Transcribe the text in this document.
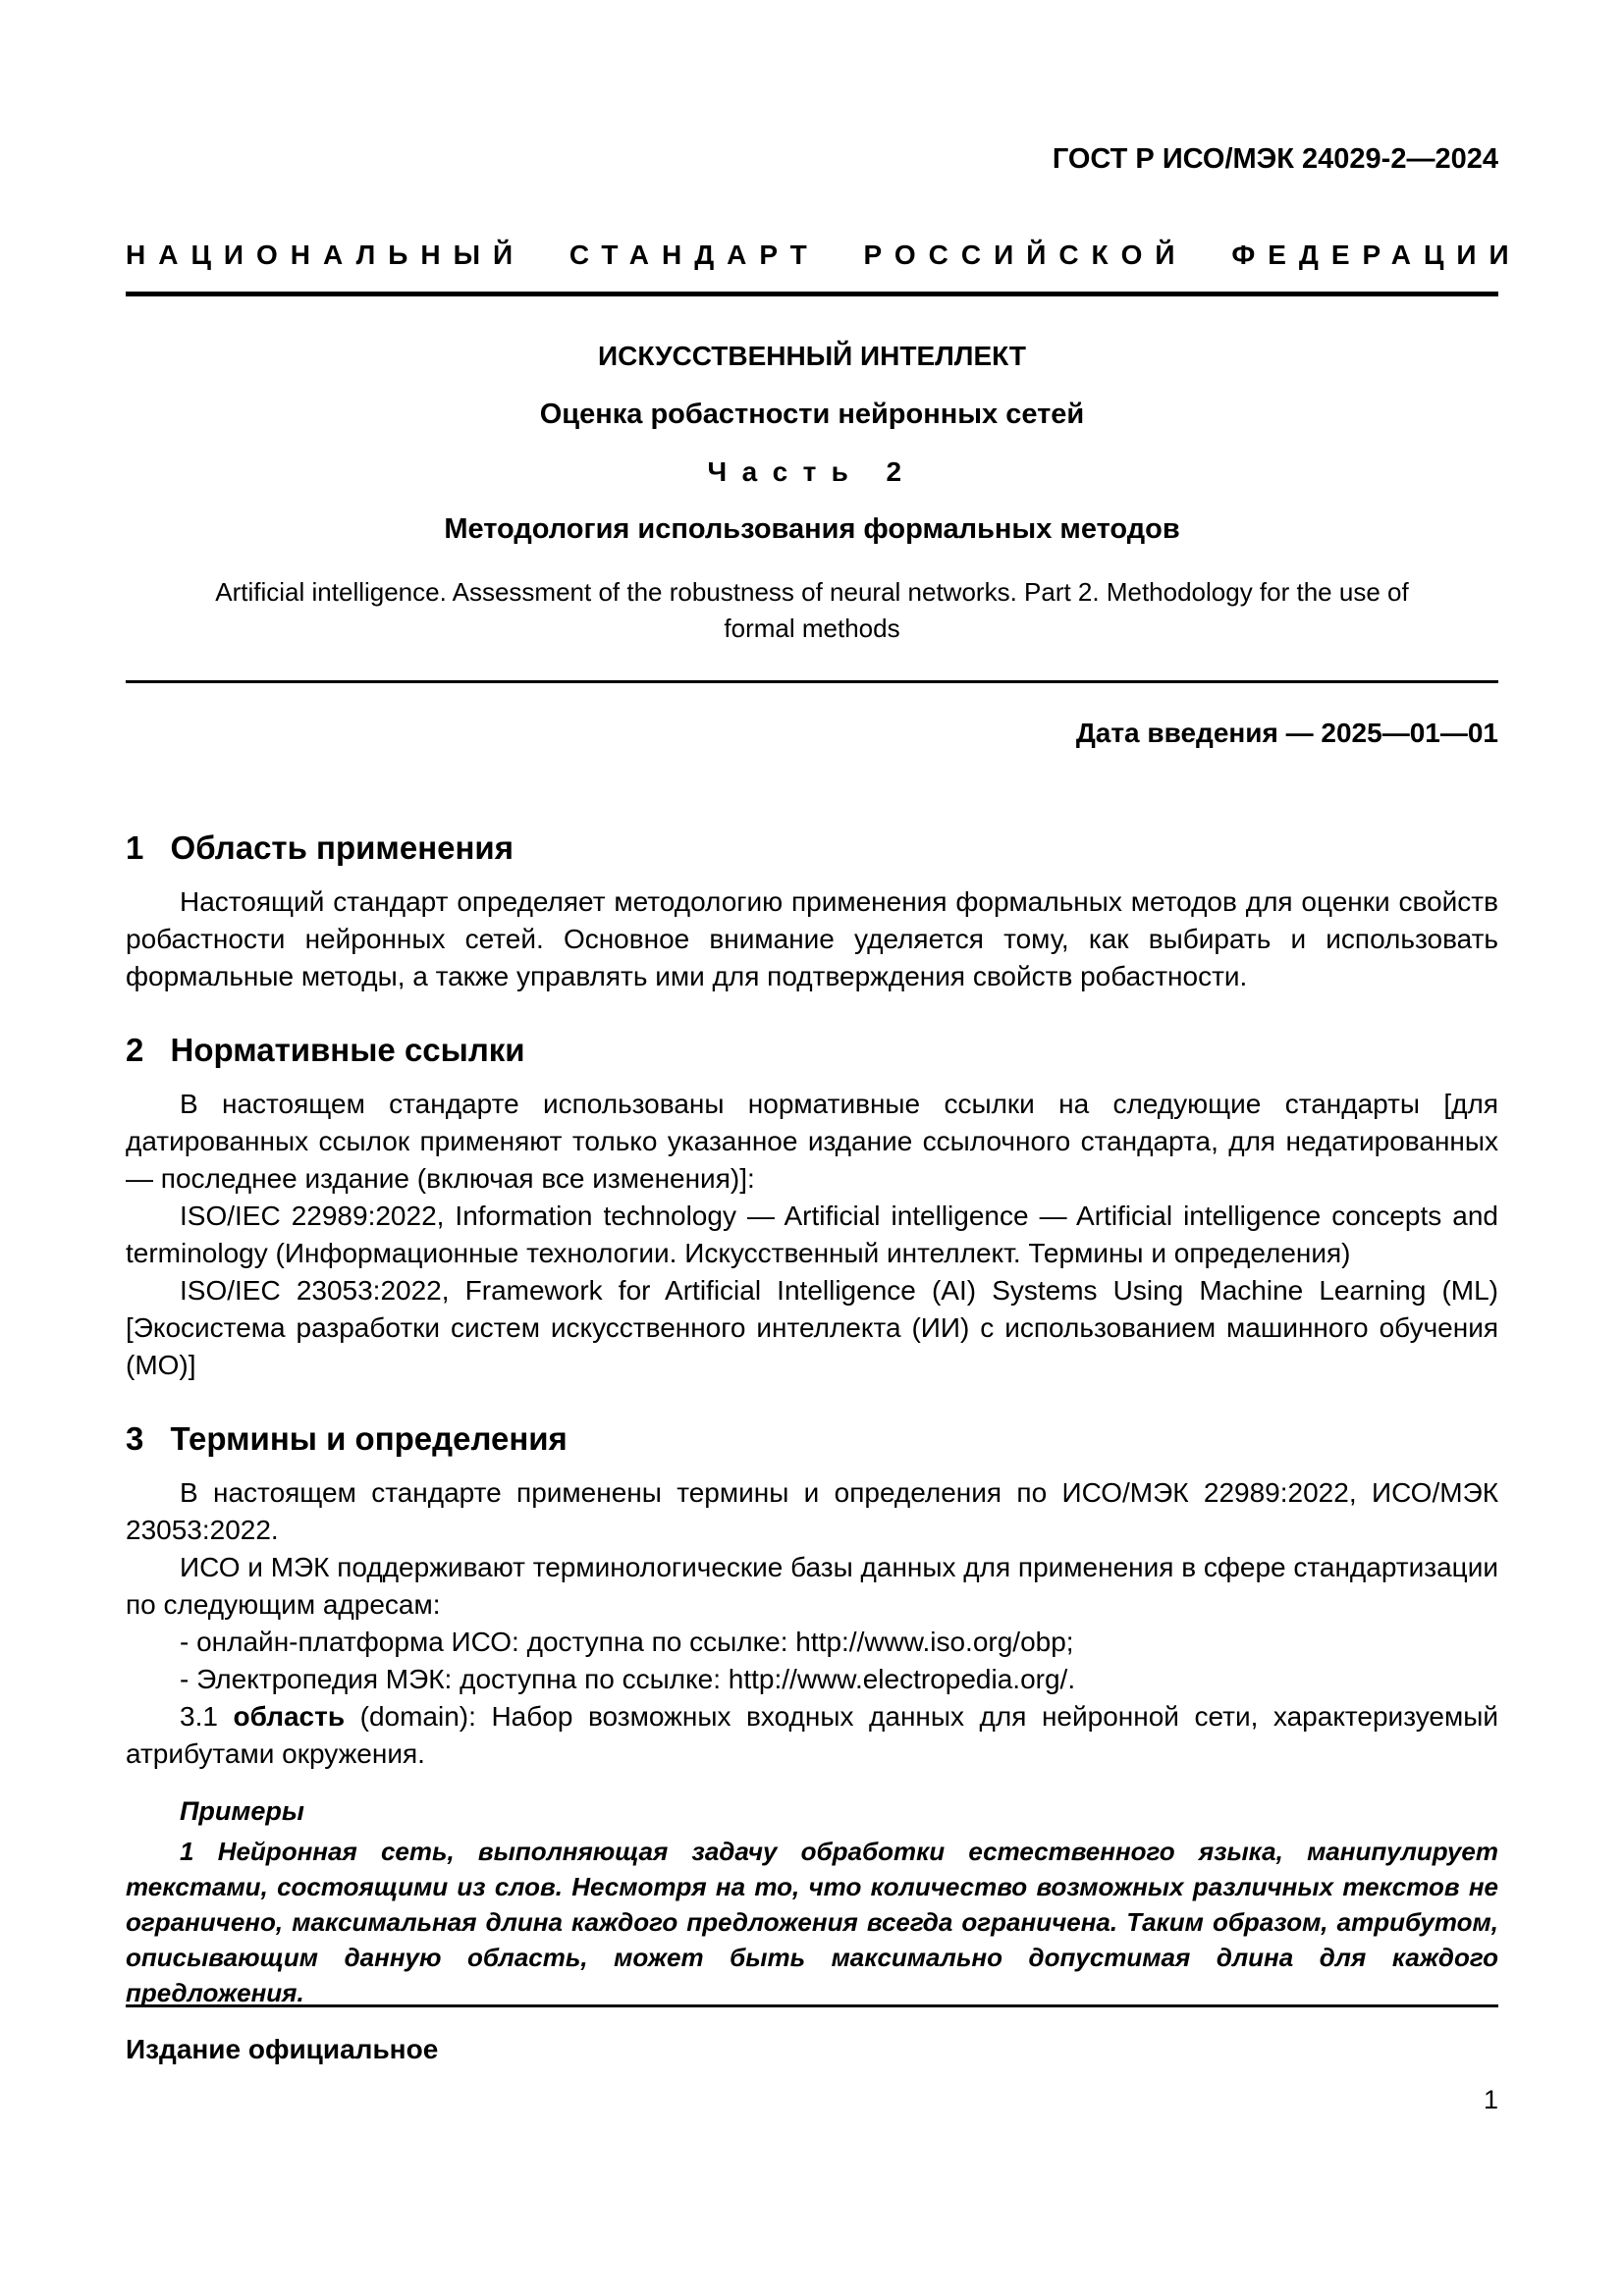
ГОСТ Р ИСО/МЭК 24029-2—2024
НАЦИОНАЛЬНЫЙ СТАНДАРТ РОССИЙСКОЙ ФЕДЕРАЦИИ
ИСКУССТВЕННЫЙ ИНТЕЛЛЕКТ
Оценка робастности нейронных сетей
Часть 2
Методология использования формальных методов
Artificial intelligence. Assessment of the robustness of neural networks. Part 2. Methodology for the use of formal methods
Дата введения — 2025—01—01
1 Область применения

Настоящий стандарт определяет методологию применения формальных методов для оценки свойств робастности нейронных сетей. Основное внимание уделяется тому, как выбирать и использовать формальные методы, а также управлять ими для подтверждения свойств робастности.

2 Нормативные ссылки

В настоящем стандарте использованы нормативные ссылки на следующие стандарты [для датированных ссылок применяют только указанное издание ссылочного стандарта, для недатированных — последнее издание (включая все изменения)]:

ISO/IEC 22989:2022, Information technology — Artificial intelligence — Artificial intelligence concepts and terminology (Информационные технологии. Искусственный интеллект. Термины и определения)

ISO/IEC 23053:2022, Framework for Artificial Intelligence (AI) Systems Using Machine Learning (ML) [Экосистема разработки систем искусственного интеллекта (ИИ) с использованием машинного обучения (МО)]

3 Термины и определения

В настоящем стандарте применены термины и определения по ИСО/МЭК 22989:2022, ИСО/МЭК 23053:2022.

ИСО и МЭК поддерживают терминологические базы данных для применения в сфере стандартизации по следующим адресам:

- онлайн-платформа ИСО: доступна по ссылке: http://www.iso.org/obp;

- Электропедия МЭК: доступна по ссылке: http://www.electropedia.org/.

3.1 область (domain): Набор возможных входных данных для нейронной сети, характеризуемый атрибутами окружения.

Примеры

1 Нейронная сеть, выполняющая задачу обработки естественного языка, манипулирует текстами, состоящими из слов. Несмотря на то, что количество возможных различных текстов не ограничено, максимальная длина каждого предложения всегда ограничена. Таким образом, атрибутом, описывающим данную область, может быть максимально допустимая длина для каждого предложения.

Издание официальное
1
